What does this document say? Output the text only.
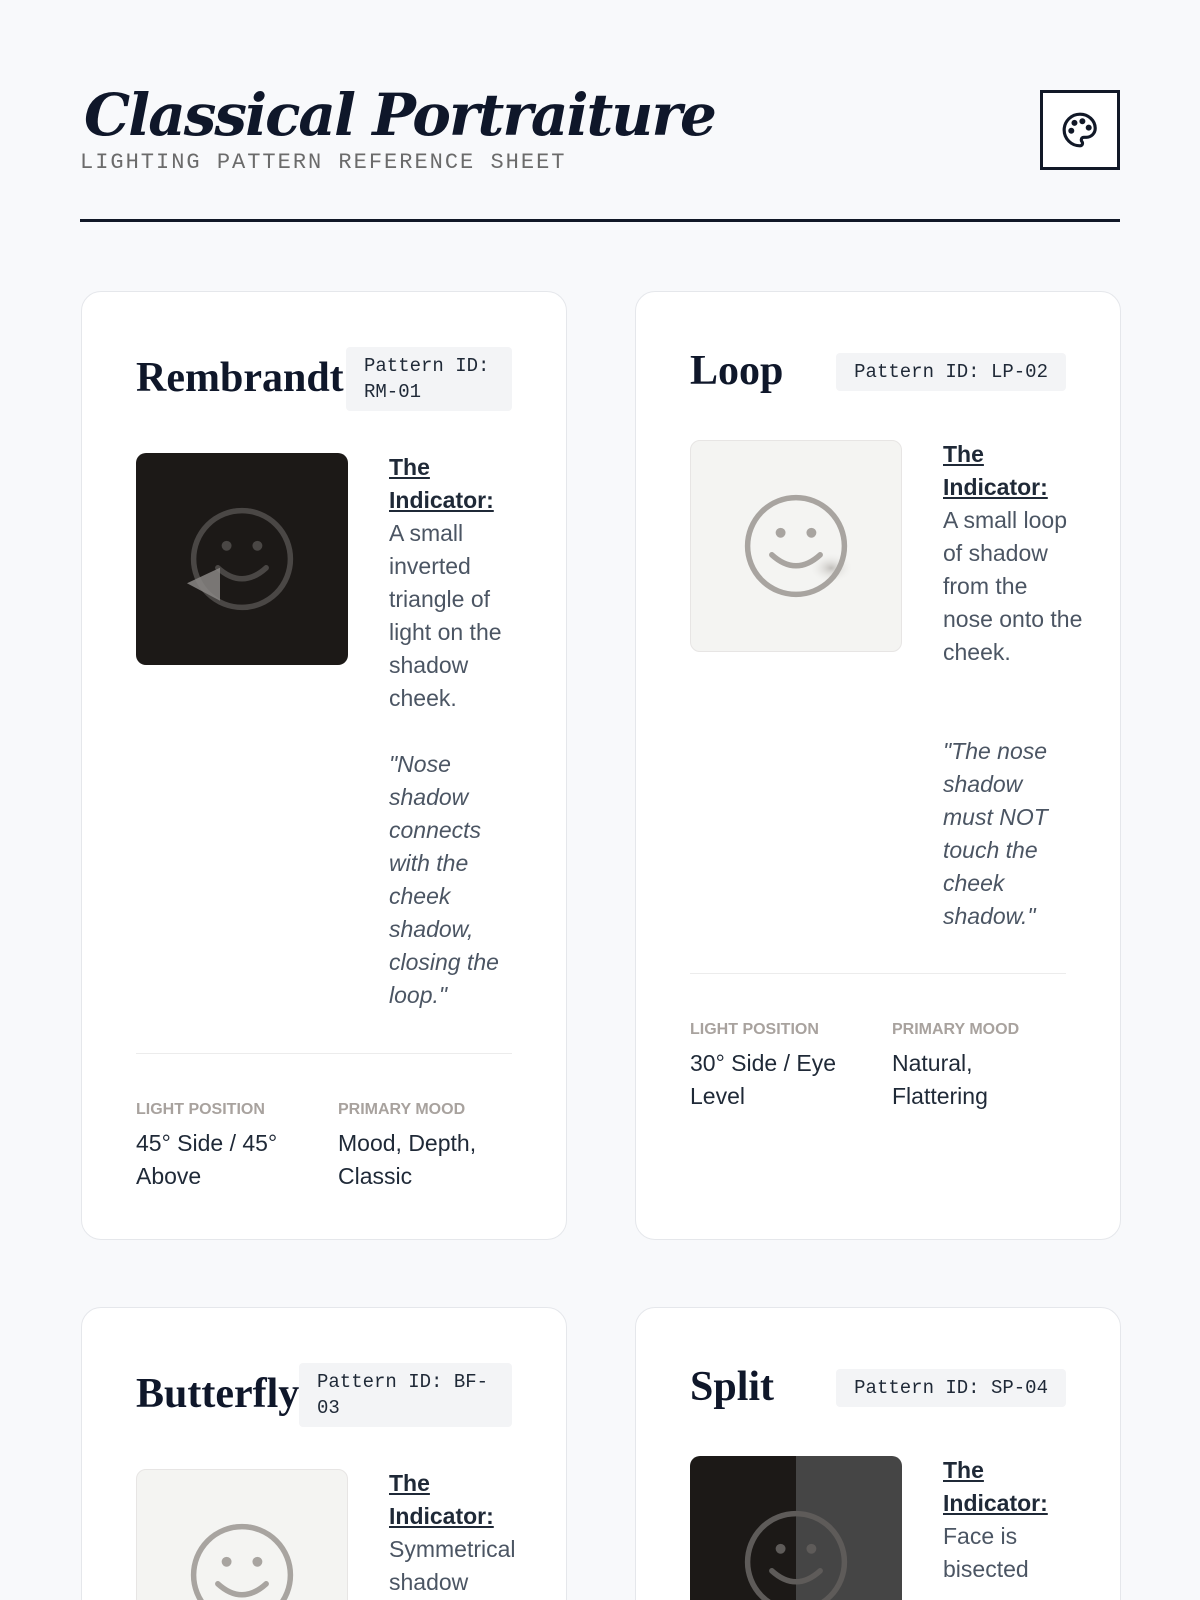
Classical Portraiture
LIGHTING PATTERN REFERENCE SHEET
Rembrandt	Pattern ID: RM-01
The Indicator:
A small inverted triangle of light on the shadow cheek.
"Nose shadow connects with the cheek shadow, closing the loop."
LIGHT POSITION
45° Side / 45° Above
PRIMARY MOOD
Mood, Depth, Classic
Loop	Pattern ID: LP-02
The Indicator:
A small loop of shadow from the nose onto the cheek.
"The nose shadow must NOT touch the cheek shadow."
LIGHT POSITION
30° Side / Eye Level
PRIMARY MOOD
Natural, Flattering
Butterfly Pattern ID: BF-03
The Indicator:
Symmetrical shadow
Split	Pattern ID: SP-04
The Indicator:
Face is bisected
